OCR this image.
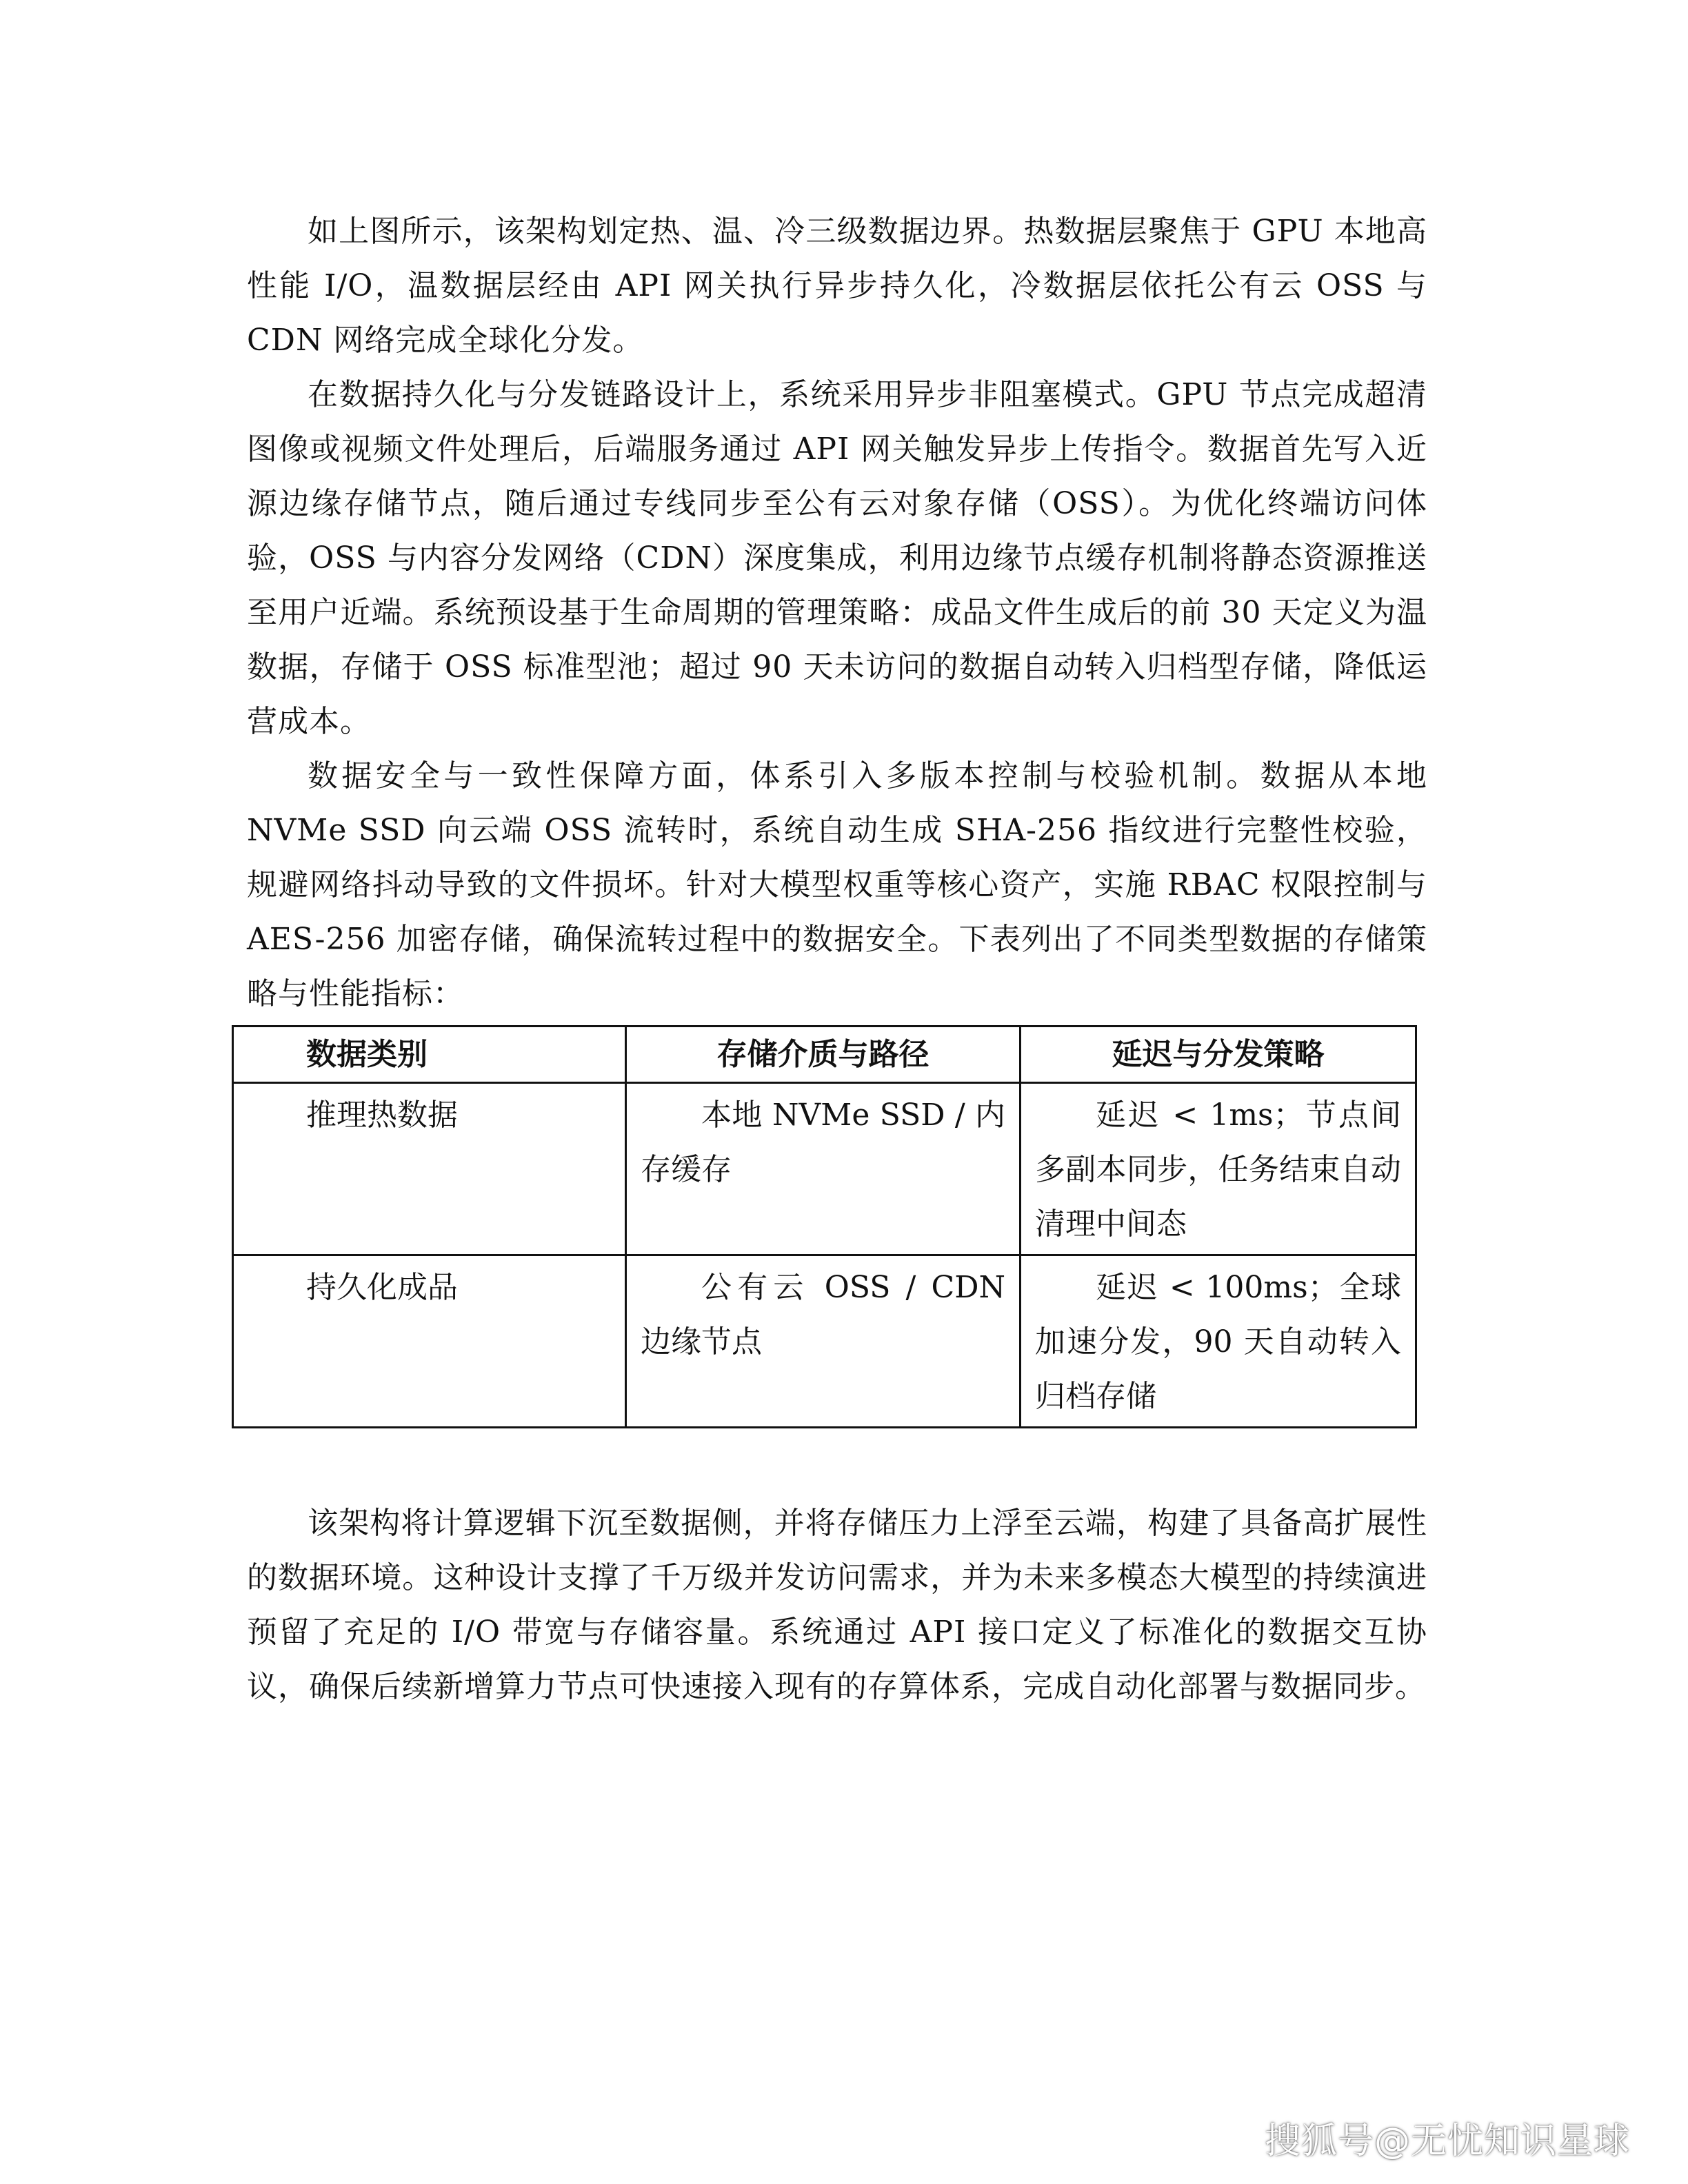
如上图所示，该架构划定热、温、冷三级数据边界。热数据层聚焦于 GPU 本地高性能 I/O，温数据层经由 API 网关执行异步持久化，冷数据层依托公有云 OSS 与 CDN 网络完成全球化分发。

在数据持久化与分发链路设计上，系统采用异步非阻塞模式。GPU 节点完成超清图像或视频文件处理后，后端服务通过 API 网关触发异步上传指令。数据首先写入近源边缘存储节点，随后通过专线同步至公有云对象存储（OSS）。为优化终端访问体验，OSS 与内容分发网络（CDN）深度集成，利用边缘节点缓存机制将静态资源推送至用户近端。系统预设基于生命周期的管理策略：成品文件生成后的前 30 天定义为温数据，存储于 OSS 标准型池；超过 90 天未访问的数据自动转入归档型存储，降低运营成本。

数据安全与一致性保障方面，体系引入多版本控制与校验机制。数据从本地 NVMe SSD 向云端 OSS 流转时，系统自动生成 SHA-256 指纹进行完整性校验，规避网络抖动导致的文件损坏。针对大模型权重等核心资产，实施 RBAC 权限控制与 AES-256 加密存储，确保流转过程中的数据安全。下表列出了不同类型数据的存储策略与性能指标：

数据类别	存储介质与路径	延迟与分发策略

推理热数据	本地 NVMe SSD / 内存缓存	延迟 < 1ms；节点间多副本同步，任务结束自动清理中间态

持久化成品	公有云 OSS / CDN 边缘节点	延迟 < 100ms；全球加速分发，90 天自动转入归档存储

该架构将计算逻辑下沉至数据侧，并将存储压力上浮至云端，构建了具备高扩展性的数据环境。这种设计支撑了千万级并发访问需求，并为未来多模态大模型的持续演进预留了充足的 I/O 带宽与存储容量。系统通过 API 接口定义了标准化的数据交互协议，确保后续新增算力节点可快速接入现有的存算体系，完成自动化部署与数据同步。

搜狐号@无忧知识星球
